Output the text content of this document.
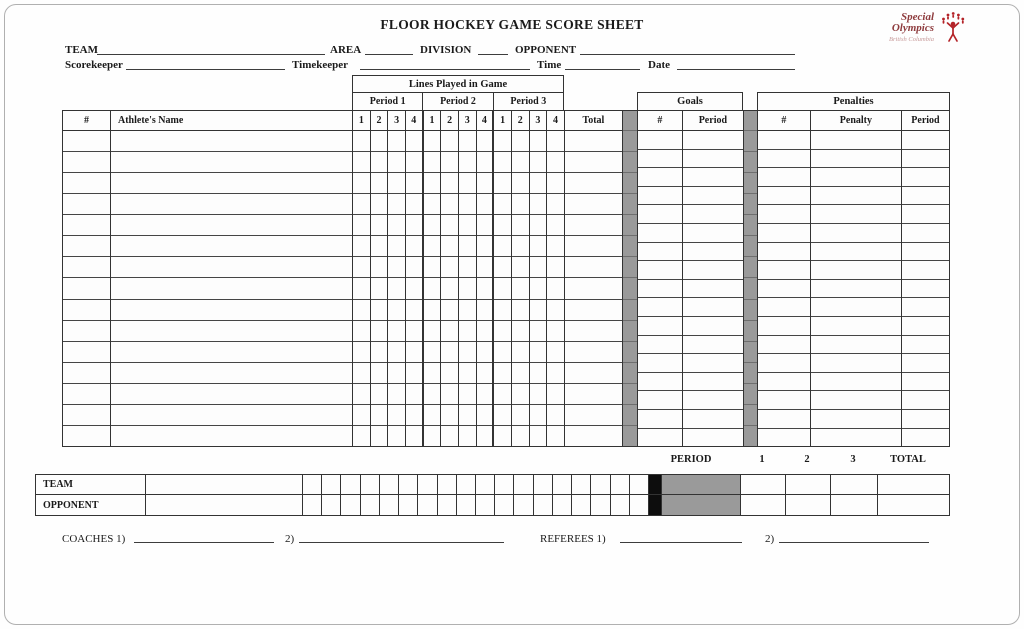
FLOOR HOCKEY GAME SCORE SHEET
Special
Olympics
British Columbia
TEAM	AREA	DIVISION	OPPONENT
Scorekeeper	Timekeeper	Time	Date
Lines Played in Game
Period 1	Period 2	Period 3	Goals	Penalties
#	Athlete's Name	1	2	3	4	1	2	3	4	1	2	3	4	Total	#	Period	#	Penalty	Period
PERIOD	1	2	3	TOTAL
TEAM
OPPONENT
COACHES 1)	2)	REFEREES 1)	2)
